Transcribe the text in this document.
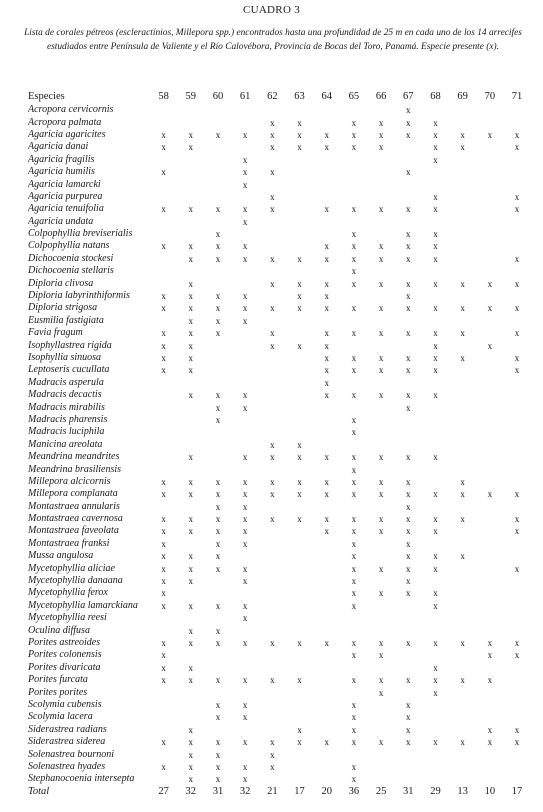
CUADRO 3
Lista de corales pétreos (escleractínios, Millepora spp.) encontrados hasta una profundidad de 25 m en cada uno de los 14 arrecifes estudiados entre Península de Valiente y el Río Calovébora, Provincia de Bocas del Toro, Panamá. Especie presente (x).
Especies	58	59	60	61	62	63	64	65	66	67	68	69	70	71
Acropora cervicornis										x				
Acropora palmata					x	x		x	x	x	x			
Agaricia agaricites	x	x	x	x	x	x	x	x	x	x	x	x	x	x
Agaricia danai	x	x			x	x	x	x	x		x	x		x
Agaricia fragilis				x							x			
Agaricia humilis	x			x	x					x				
Agaricia lamarcki				x										
Agaricia purpurea					x						x			x
Agaricia tenuifolia	x	x	x	x	x		x	x	x	x	x			x
Agaricia undata				x										
Colpophyllia breviserialis			x					x		x	x			
Colpophyllia natans	x	x	x	x			x	x	x	x	x			
Dichocoenia stockesi		x	x	x	x	x	x	x	x	x	x			x
Dichocoenia stellaris								x						
Diploria clivosa		x			x	x	x	x	x	x	x	x	x	x
Diploria labyrinthiformis	x	x	x	x		x	x			x				
Diploria strigosa	x	x	x	x	x	x	x	x	x	x	x	x	x	x
Eusmilia fastigiata		x	x	x										
Favia fragum	x	x	x		x		x	x	x	x	x	x		x
Isophyllastrea rigida	x	x			x	x	x				x		x	
Isophyllia sinuosa	x	x					x	x	x	x	x	x		x
Leptoseris cucullata	x	x					x	x	x	x	x			x
Madracis asperula							x							
Madracis decactis		x	x	x			x	x	x	x	x			
Madracis mirabilis			x	x						x				
Madracis pharensis			x					x						
Madracis luciphila								x						
Manicina areolata					x	x								
Meandrina meandrites		x		x	x	x	x	x	x	x	x			
Meandrina brasiliensis								x						
Millepora alcicornis	x	x	x	x	x	x	x	x	x	x		x		
Millepora complanata	x	x	x	x	x	x	x	x	x	x	x	x	x	x
Montastraea annularis			x	x						x				
Montastraea cavernosa	x	x	x	x	x	x	x	x	x	x	x	x		x
Montastraea faveolata	x	x	x	x			x	x	x	x	x			x
Montastraea franksi	x		x	x				x		x				
Mussa angulosa	x	x	x					x		x	x	x		
Mycetophyllia aliciae	x	x	x	x				x	x	x	x			x
Mycetophyllia danaana	x	x		x				x		x				
Mycetophyllia ferox	x							x	x	x	x			
Mycetophyllia lamarckiana	x	x	x	x				x			x			
Mycetophyllia reesi				x										
Oculina diffusa		x	x											
Porites astreoides	x	x	x	x	x	x	x	x	x	x	x	x	x	x
Porites colonensis	x							x	x				x	x
Porites divaricata	x	x									x			
Porites furcata	x	x	x	x	x	x		x	x	x	x	x	x	
Porites porites									x		x			
Scolymia cubensis			x	x				x		x				
Scolymia lacera			x	x				x		x				
Siderastrea radians		x				x		x		x			x	x
Siderastrea siderea	x	x	x	x	x	x	x	x	x	x	x	x	x	x
Solenastrea bournoni		x	x		x									
Solenastrea hyades	x	x	x	x	x			x						
Stephanocoenia intersepta		x	x	x				x						
Total	27	32	31	32	21	17	20	36	25	31	29	13	10	17
